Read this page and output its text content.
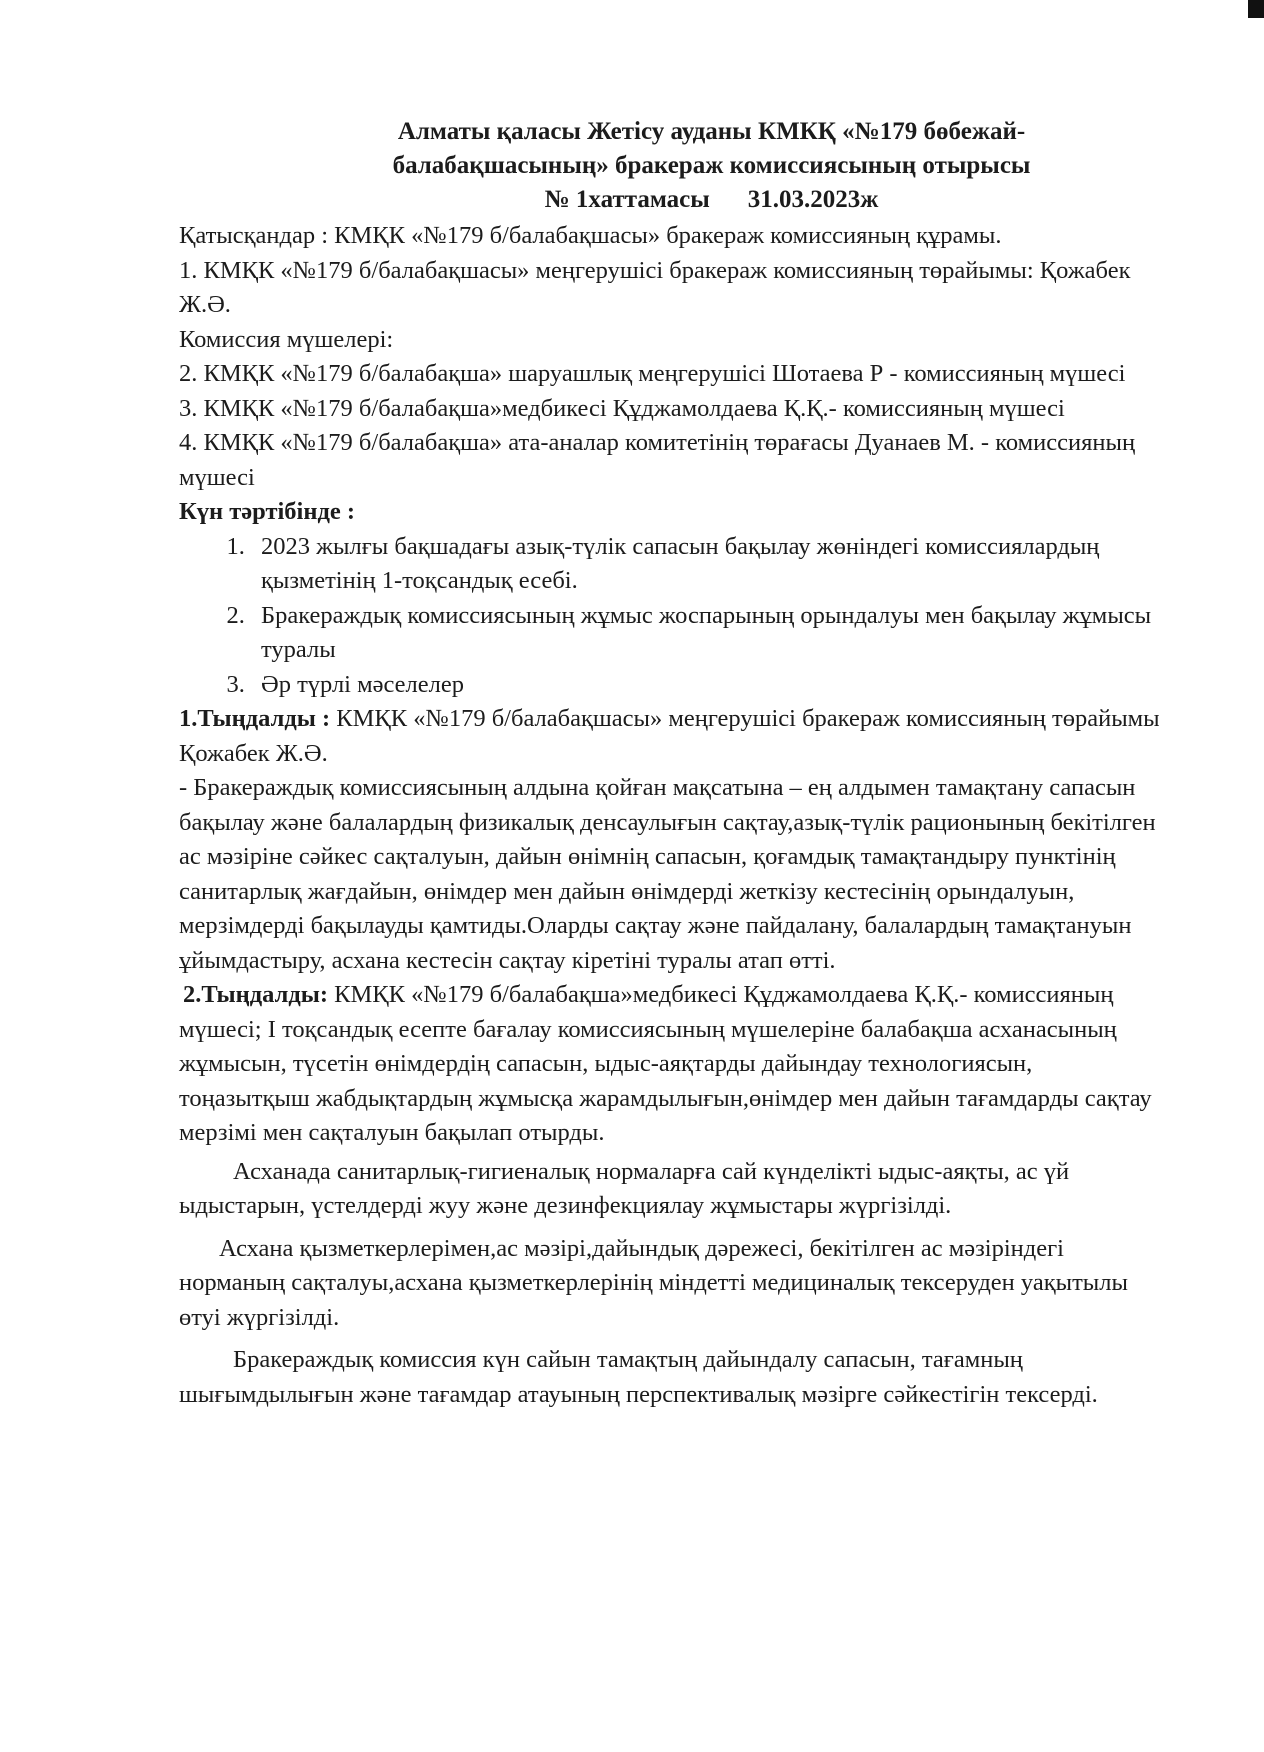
Алматы қаласы Жетісу ауданы КМКҚ «№179 бөбежай-
балабақшасының» бракераж комиссиясының отырысы
№ 1хаттамасы 31.03.2023ж

Қатысқандар : КМҚК «№179 б/балабақшасы» бракераж комиссияның құрамы.

1. КМҚК «№179 б/балабақшасы» меңгерушісі бракераж комиссияның төрайымы: Қожабек Ж.Ә.

Комиссия мүшелері:

2. КМҚК «№179 б/балабақша» шаруашлық меңгерушісі Шотаева Р - комиссияның мүшесі

3. КМҚК «№179 б/балабақша»медбикесі Құджамолдаева Қ.Қ.- комиссияның мүшесі

4. КМҚК «№179 б/балабақша» ата-аналар комитетінің төрағасы Дуанаев М. - комиссияның мүшесі

Күн тәртібінде :

1. 2023 жылғы бақшадағы азық-түлік сапасын бақылау жөніндегі комиссиялардың қызметінің 1-тоқсандық есебі.
2. Бракераждық комиссиясының жұмыс жоспарының орындалуы мен бақылау жұмысы туралы
3. Әр түрлі мәселелер

1.Тыңдалды : КМҚК «№179 б/балабақшасы» меңгерушісі бракераж комиссияның төрайымы Қожабек Ж.Ә.

- Бракераждық комиссиясының алдына қойған мақсатына – ең алдымен тамақтану сапасын бақылау және балалардың физикалық денсаулығын сақтау,азық-түлік рационының бекітілген ас мәзіріне сәйкес сақталуын, дайын өнімнің сапасын, қоғамдық тамақтандыру пунктінің санитарлық жағдайын, өнімдер мен дайын өнімдерді жеткізу кестесінің орындалуын, мерзімдерді бақылауды қамтиды.Оларды сақтау және пайдалану, балалардың тамақтануын ұйымдастыру, асхана кестесін сақтау кіретіні туралы атап өтті.

2.Тыңдалды: КМҚК «№179 б/балабақша»медбикесі Құджамолдаева Қ.Қ.- комиссияның мүшесі; І тоқсандық есепте бағалау комиссиясының мүшелеріне балабақша асханасының жұмысын, түсетін өнімдердің сапасын, ыдыс-аяқтарды дайындау технологиясын, тоңазытқыш жабдықтардың жұмысқа жарамдылығын,өнімдер мен дайын тағамдарды сақтау мерзімі мен сақталуын бақылап отырды.

Асханада санитарлық-гигиеналық нормаларға сай күнделікті ыдыс-аяқты, ас үй ыдыстарын, үстелдерді жуу және дезинфекциялау жұмыстары жүргізілді.

Асхана қызметкерлерімен,ас мәзірі,дайындық дәрежесі, бекітілген ас мәзіріндегі норманың сақталуы,асхана қызметкерлерінің міндетті медициналық тексеруден уақытылы өтуі жүргізілді.

Бракераждық комиссия күн сайын тамақтың дайындалу сапасын, тағамның шығымдылығын және тағамдар атауының перспективалық мәзірге сәйкестігін тексерді.
